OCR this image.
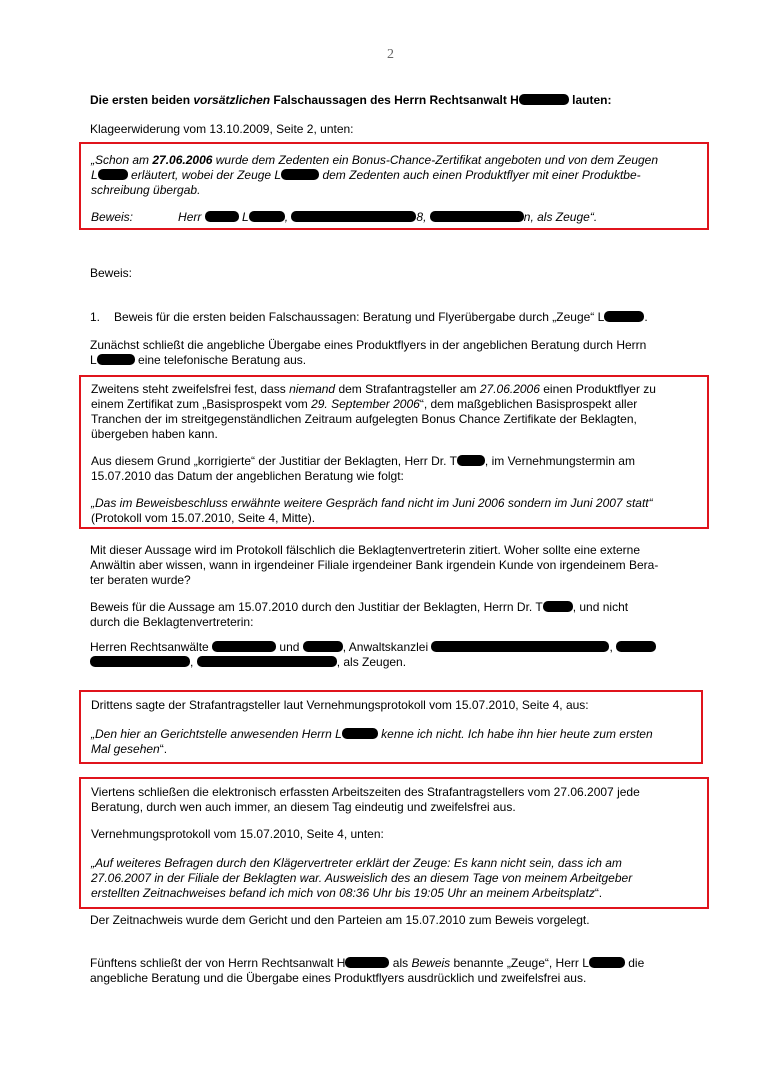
2

Die ersten beiden vorsätzlichen Falschaussagen des Herrn Rechtsanwalt H	lauten:

Klageerwiderung vom 13.10.2009, Seite 2, unten:

„Schon am 27.06.2006 wurde dem Zedenten ein Bonus-Chance-Zertifikat angeboten und von dem Zeugen

L	erläutert, wobei der Zeuge L	dem Zedenten auch einen Produktflyer mit einer Produktbe-

schreibung übergab.

Beweis:	Herr	L	,	8,	n, als Zeuge“.

Beweis:

1. Beweis für die ersten beiden Falschaussagen: Beratung und Flyerübergabe durch „Zeuge“ L	.

Zunächst schließt die angebliche Übergabe eines Produktflyers in der angeblichen Beratung durch Herrn

L	eine telefonische Beratung aus.

Zweitens steht zweifelsfrei fest, dass niemand dem Strafantragsteller am 27.06.2006 einen Produktflyer zu

einem Zertifikat zum „Basisprospekt vom 29. September 2006“, dem maßgeblichen Basisprospekt aller

Tranchen der im streitgegenständlichen Zeitraum aufgelegten Bonus Chance Zertifikate der Beklagten,

übergeben haben kann.

Aus diesem Grund „korrigierte“ der Justitiar der Beklagten, Herr Dr. T , im Vernehmungstermin am

15.07.2010 das Datum der angeblichen Beratung wie folgt:

„Das im Beweisbeschluss erwähnte weitere Gespräch fand nicht im Juni 2006 sondern im Juni 2007 statt“

(Protokoll vom 15.07.2010, Seite 4, Mitte).

Mit dieser Aussage wird im Protokoll fälschlich die Beklagtenvertreterin zitiert. Woher sollte eine externe

Anwältin aber wissen, wann in irgendeiner Filiale irgendeiner Bank irgendein Kunde von irgendeinem Bera-

ter beraten wurde?

Beweis für die Aussage am 15.07.2010 durch den Justitiar der Beklagten, Herrn Dr. T	, und nicht

durch die Beklagtenvertreterin:

Herren Rechtsanwälte	und	, Anwaltskanzlei	,

,	, als Zeugen.

Drittens sagte der Strafantragsteller laut Vernehmungsprotokoll vom 15.07.2010, Seite 4, aus:

„Den hier an Gerichtstelle anwesenden Herrn L	kenne ich nicht. Ich habe ihn hier heute zum ersten

Mal gesehen“.

Viertens schließen die elektronisch erfassten Arbeitszeiten des Strafantragstellers vom 27.06.2007 jede

Beratung, durch wen auch immer, an diesem Tag eindeutig und zweifelsfrei aus.

Vernehmungsprotokoll vom 15.07.2010, Seite 4, unten:

„Auf weiteres Befragen durch den Klägervertreter erklärt der Zeuge: Es kann nicht sein, dass ich am

27.06.2007 in der Filiale der Beklagten war. Ausweislich des an diesem Tage von meinem Arbeitgeber

erstellten Zeitnachweises befand ich mich von 08:36 Uhr bis 19:05 Uhr an meinem Arbeitsplatz“.

Der Zeitnachweis wurde dem Gericht und den Parteien am 15.07.2010 zum Beweis vorgelegt.

Fünftens schließt der von Herrn Rechtsanwalt H	als Beweis benannte „Zeuge“, Herr L	die

angebliche Beratung und die Übergabe eines Produktflyers ausdrücklich und zweifelsfrei aus.
